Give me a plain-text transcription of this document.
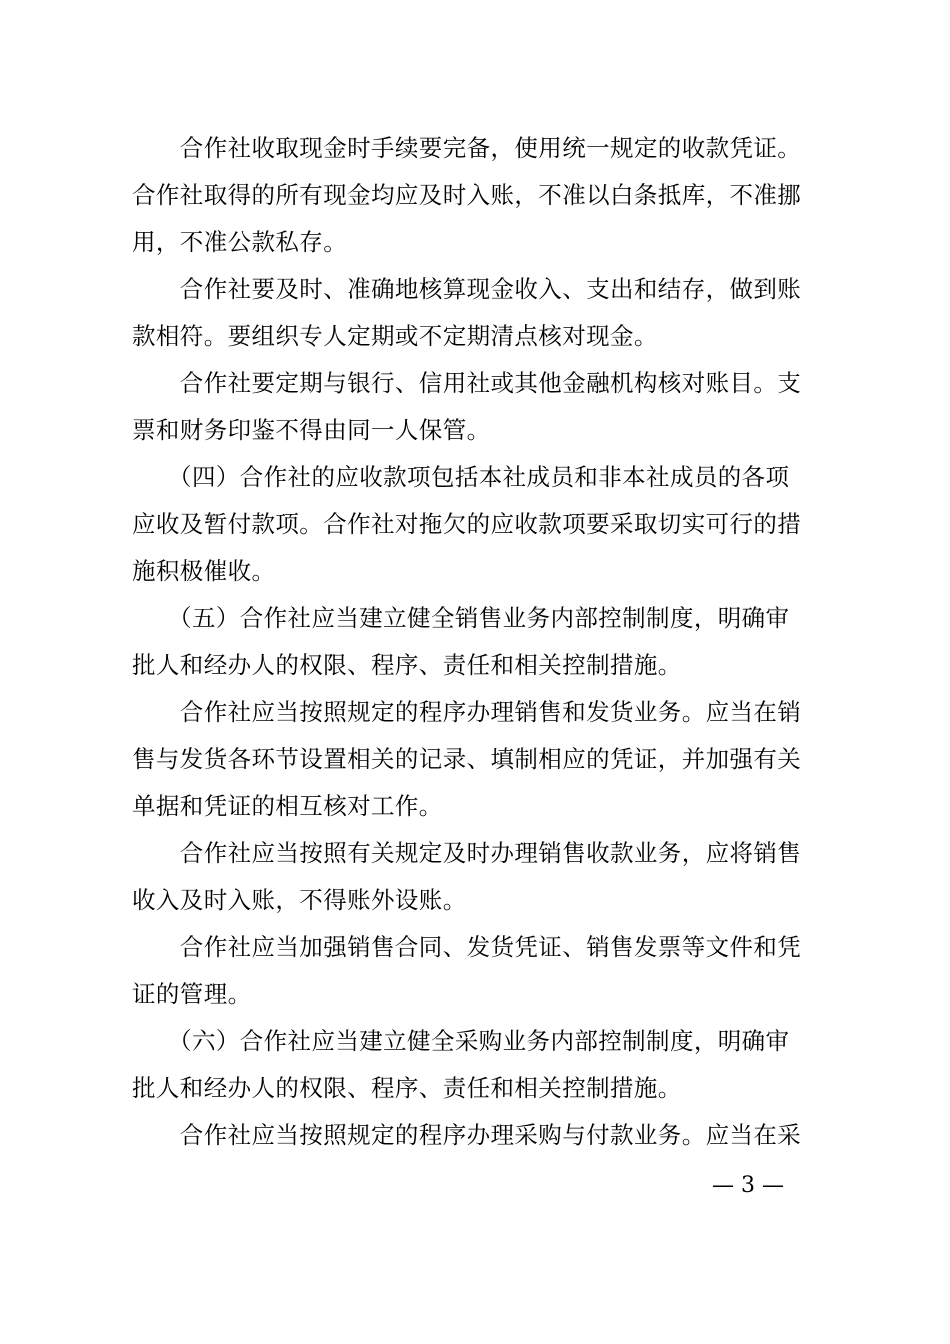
　　合作社收取现金时手续要完备，使用统一规定的收款凭证。
合作社取得的所有现金均应及时入账，不准以白条抵库，不准挪
用，不准公款私存。
　　合作社要及时、准确地核算现金收入、支出和结存，做到账
款相符。要组织专人定期或不定期清点核对现金。
　　合作社要定期与银行、信用社或其他金融机构核对账目。支
票和财务印鉴不得由同一人保管。
　　（四）合作社的应收款项包括本社成员和非本社成员的各项
应收及暂付款项。合作社对拖欠的应收款项要采取切实可行的措
施积极催收。
　　（五）合作社应当建立健全销售业务内部控制制度，明确审
批人和经办人的权限、程序、责任和相关控制措施。
　　合作社应当按照规定的程序办理销售和发货业务。应当在销
售与发货各环节设置相关的记录、填制相应的凭证，并加强有关
单据和凭证的相互核对工作。
　　合作社应当按照有关规定及时办理销售收款业务，应将销售
收入及时入账，不得账外设账。
　　合作社应当加强销售合同、发货凭证、销售发票等文件和凭
证的管理。
　　（六）合作社应当建立健全采购业务内部控制制度，明确审
批人和经办人的权限、程序、责任和相关控制措施。
　　合作社应当按照规定的程序办理采购与付款业务。应当在采
— 3 —
